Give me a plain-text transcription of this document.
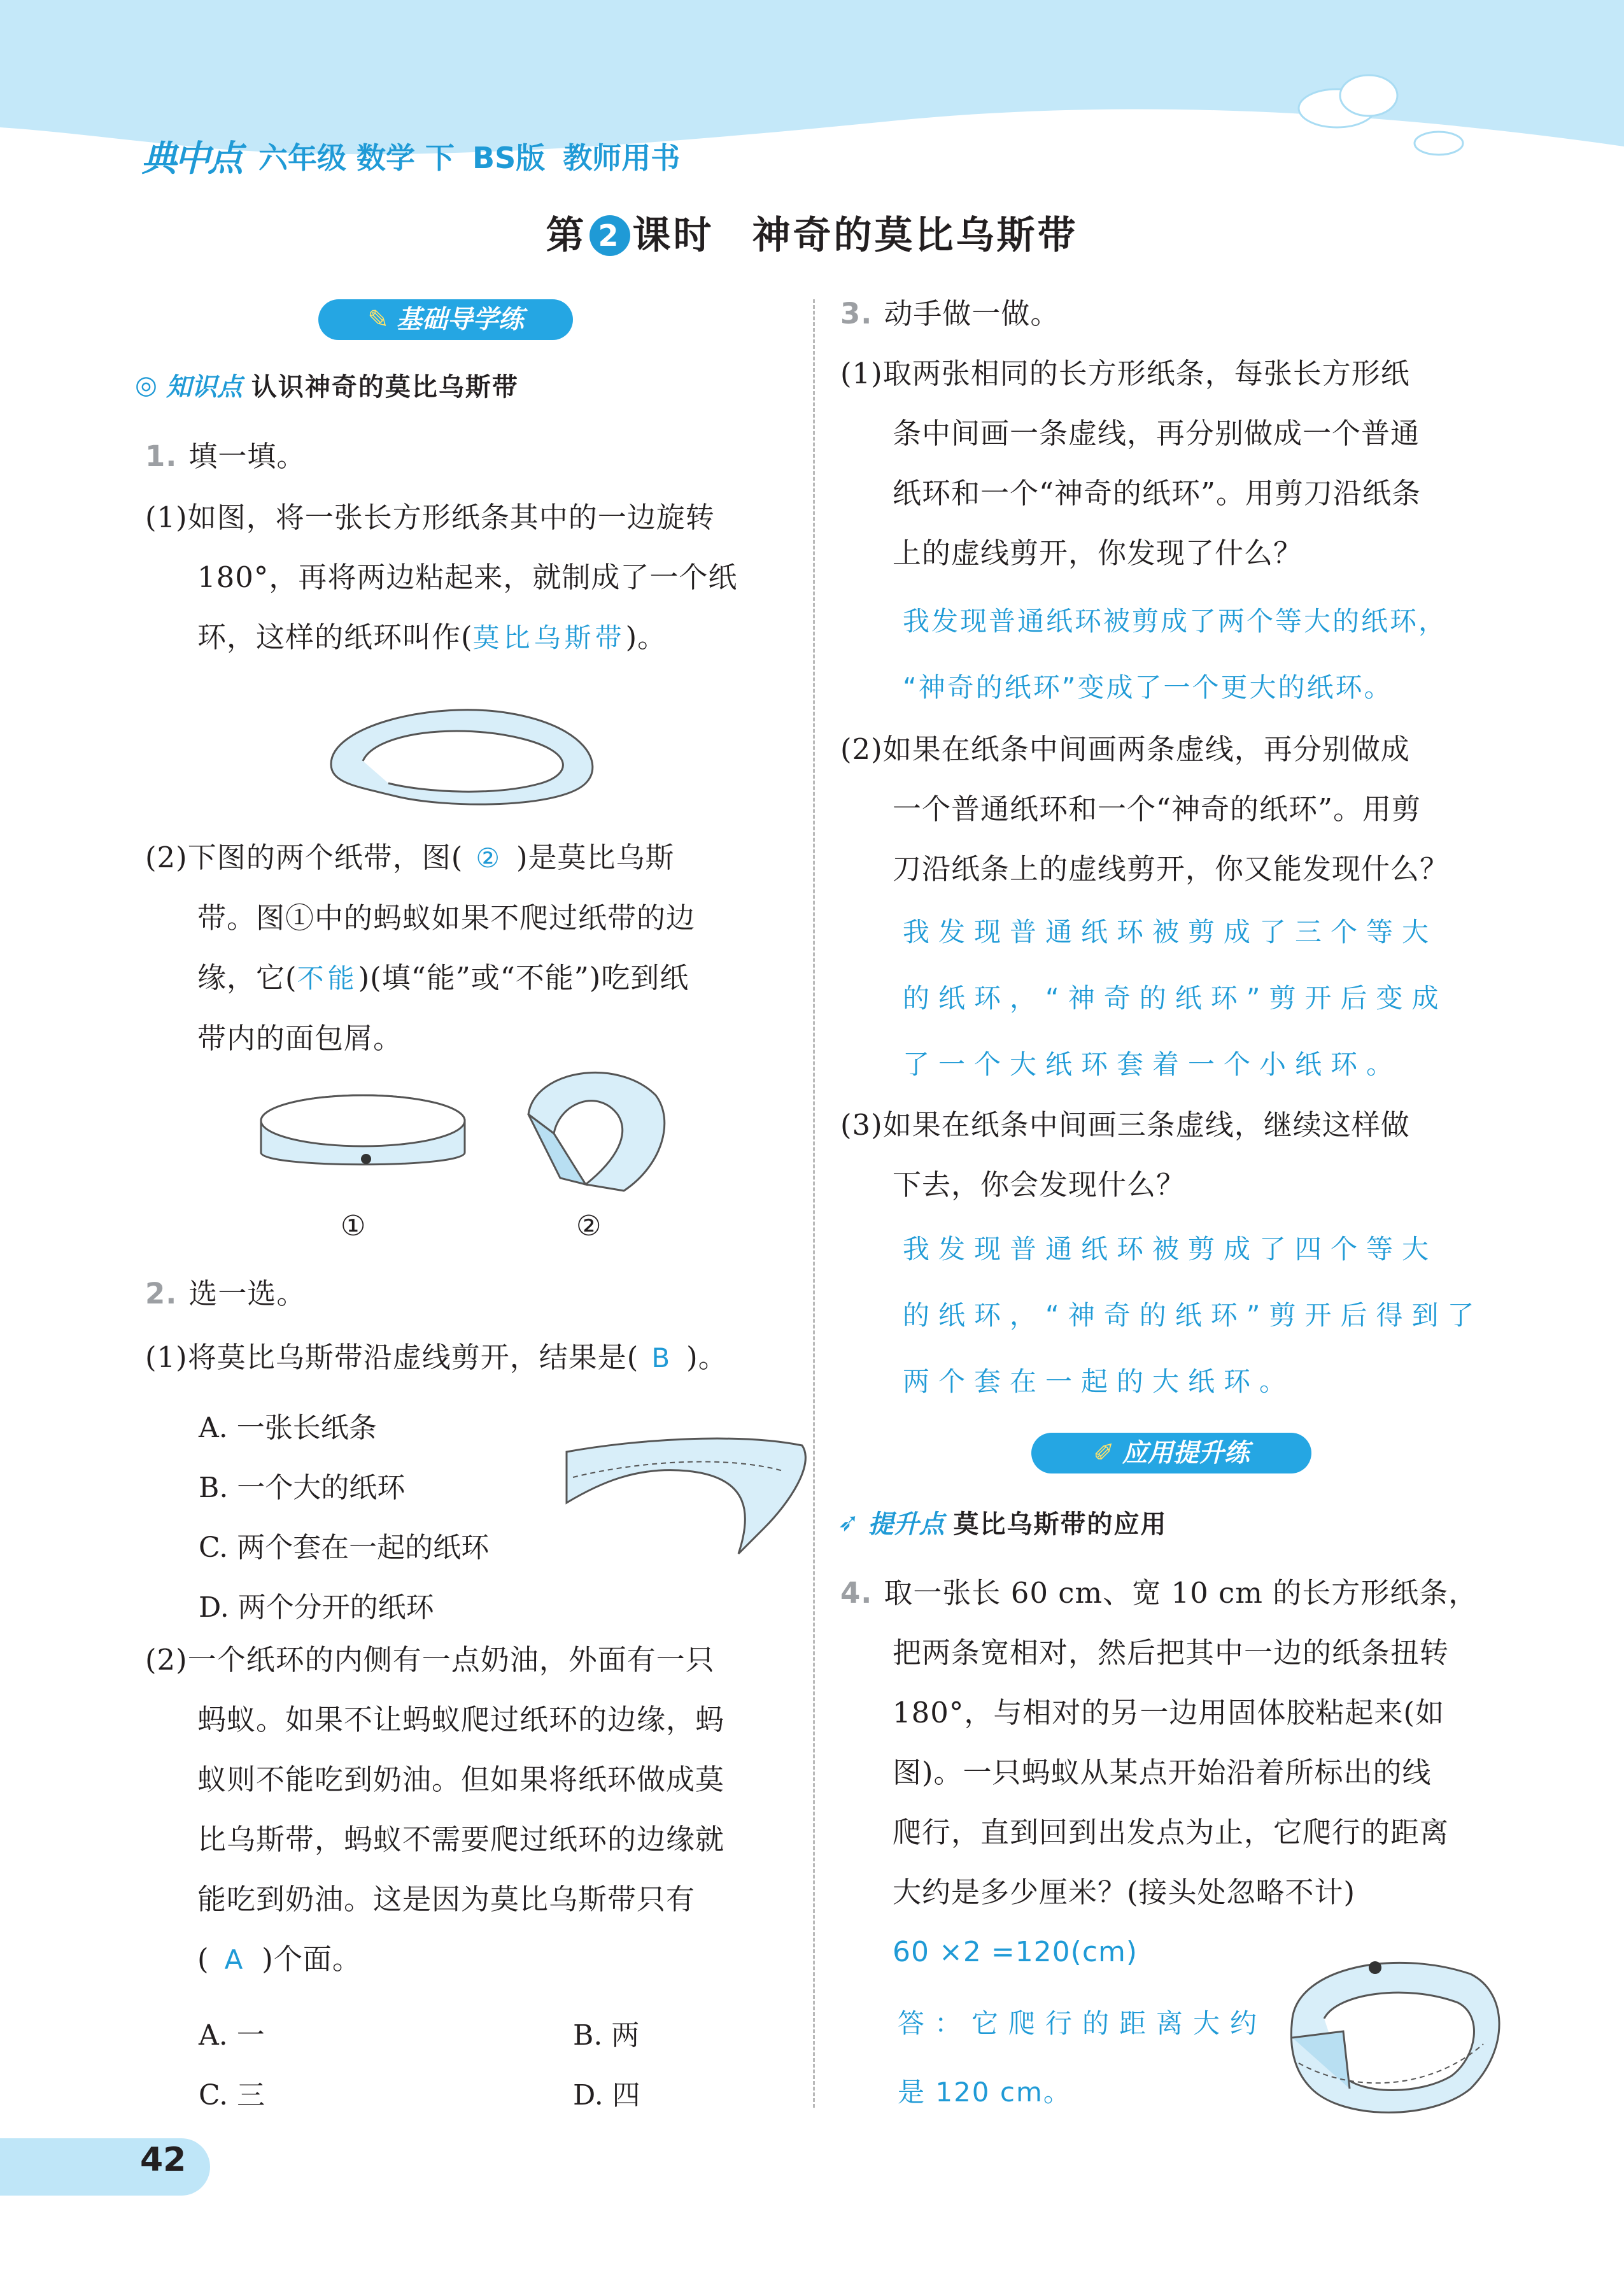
典中点 六年级 数学 下 BS版 教师用书
第 2 课时 神奇的莫比乌斯带
✎ 基础导学练
◎ 知识点 认识神奇的莫比乌斯带
1. 填一填。
(1)如图，将一张长方形纸条其中的一边旋转
180°，再将两边粘起来，就制成了一个纸
环，这样的纸环叫作(莫比乌斯带)。
(2)下图的两个纸带，图( ② )是莫比乌斯
带。图①中的蚂蚁如果不爬过纸带的边
缘，它(不能)(填“能”或“不能”)吃到纸
带内的面包屑。
①	②
2. 选一选。
(1)将莫比乌斯带沿虚线剪开，结果是( B )。
A. 一张长纸条
B. 一个大的纸环
C. 两个套在一起的纸环
D. 两个分开的纸环
(2)一个纸环的内侧有一点奶油，外面有一只
蚂蚁。如果不让蚂蚁爬过纸环的边缘，蚂
蚁则不能吃到奶油。但如果将纸环做成莫
比乌斯带，蚂蚁不需要爬过纸环的边缘就
能吃到奶油。这是因为莫比乌斯带只有
( A )个面。
A. 一	B. 两
C. 三	D. 四
3. 动手做一做。
(1)取两张相同的长方形纸条，每张长方形纸
条中间画一条虚线，再分别做成一个普通
纸环和一个“神奇的纸环”。用剪刀沿纸条
上的虚线剪开，你发现了什么？
我发现普通纸环被剪成了两个等大的纸环，
“神奇的纸环”变成了一个更大的纸环。
(2)如果在纸条中间画两条虚线，再分别做成
一个普通纸环和一个“神奇的纸环”。用剪
刀沿纸条上的虚线剪开，你又能发现什么？
我发现普通纸环被剪成了三个等大
的纸环，“神奇的纸环”剪开后变成
了一个大纸环套着一个小纸环。
(3)如果在纸条中间画三条虚线，继续这样做
下去，你会发现什么？
我发现普通纸环被剪成了四个等大
的纸环，“神奇的纸环”剪开后得到了
两个套在一起的大纸环。
✐ 应用提升练
➶ 提升点 莫比乌斯带的应用
4. 取一张长 60 cm、宽 10 cm 的长方形纸条，
把两条宽相对，然后把其中一边的纸条扭转
180°，与相对的另一边用固体胶粘起来(如
图)。一只蚂蚁从某点开始沿着所标出的线
爬行，直到回到出发点为止，它爬行的距离
大约是多少厘米？(接头处忽略不计)
60 ×2 =120(cm)
答：它爬行的距离大约
是 120 cm。
42
